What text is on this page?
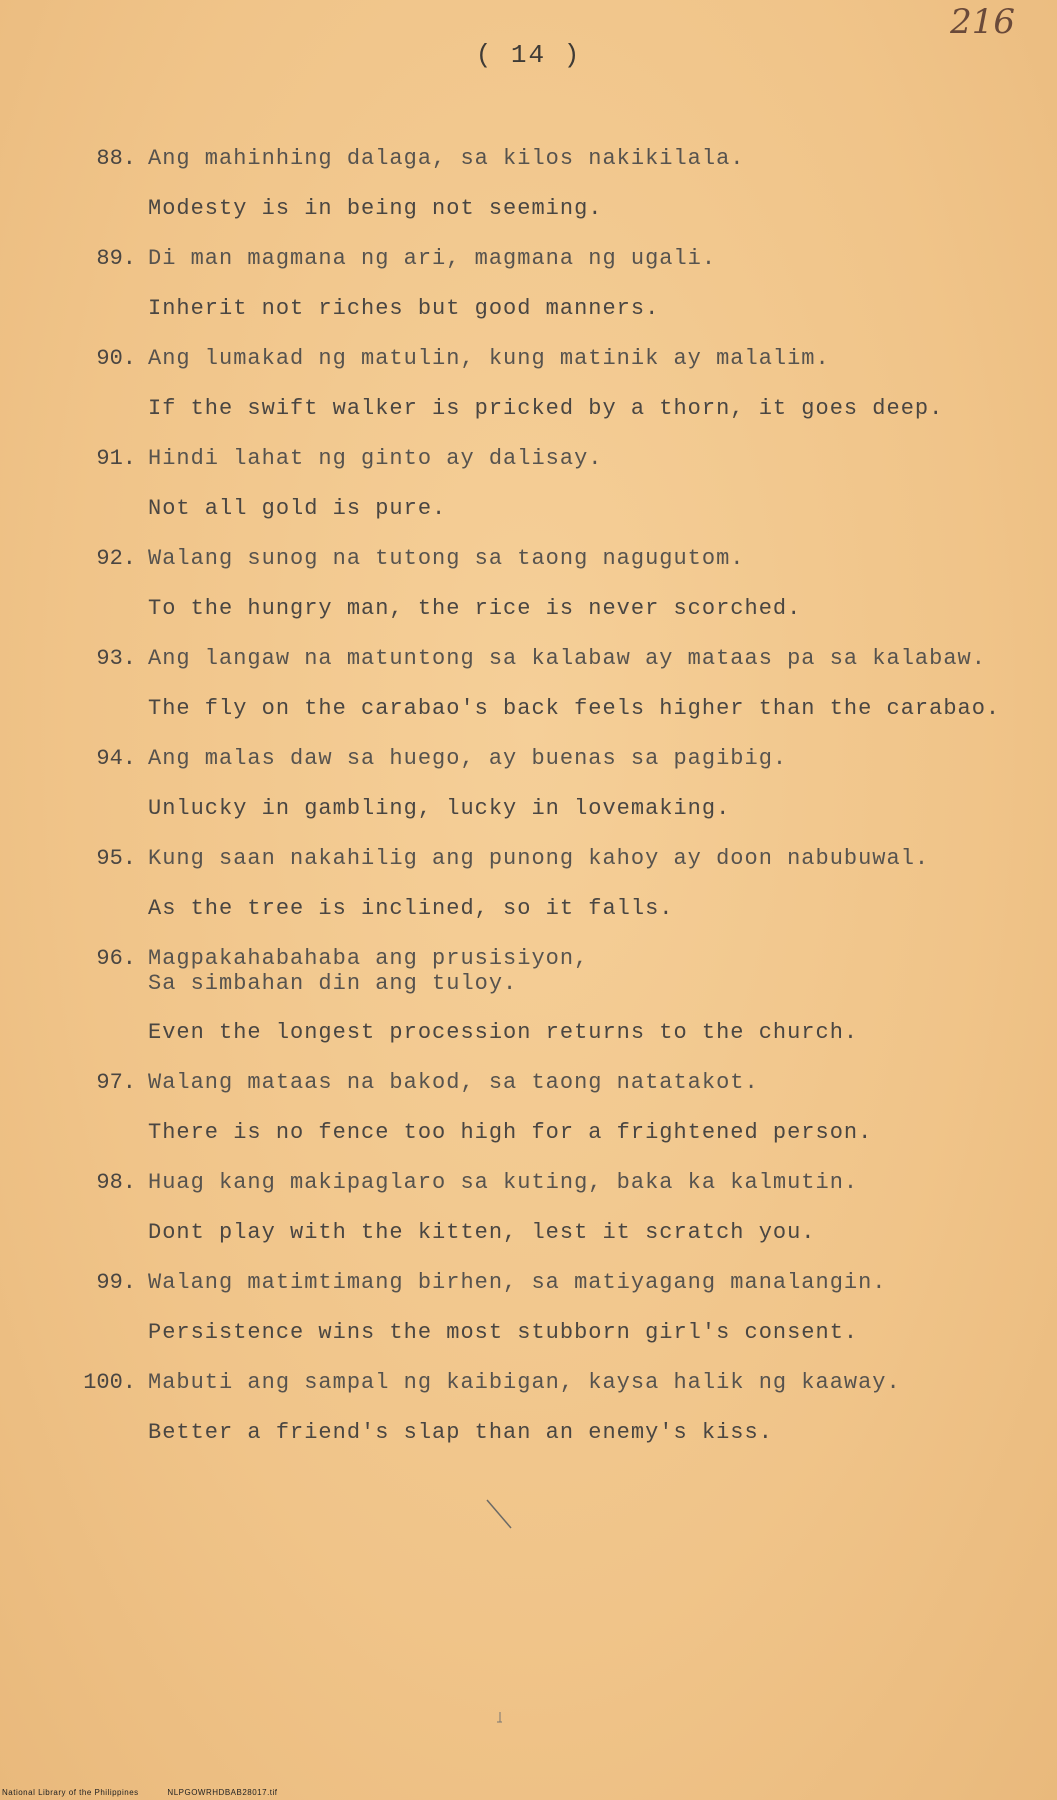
( 14 )
216
88. Ang mahinhing dalaga, sa kilos nakikilala.
Modesty is in being not seeming.
89. Di man magmana ng ari, magmana ng ugali.
Inherit not riches but good manners.
90. Ang lumakad ng matulin, kung matinik ay malalim.
If the swift walker is pricked by a thorn, it goes deep.
91. Hindi lahat ng ginto ay dalisay.
Not all gold is pure.
92. Walang sunog na tutong sa taong nagugutom.
To the hungry man, the rice is never scorched.
93. Ang langaw na matuntong sa kalabaw ay mataas pa sa kalabaw.
The fly on the carabao's back feels higher than the carabao.
94. Ang malas daw sa huego, ay buenas sa pagibig.
Unlucky in gambling, lucky in lovemaking.
95. Kung saan nakahilig ang punong kahoy ay doon nabubuwal.
As the tree is inclined, so it falls.
96. Magpakahabahaba ang prusisiyon,
Sa simbahan din ang tuloy.
Even the longest procession returns to the church.
97. Walang mataas na bakod, sa taong natatakot.
There is no fence too high for a frightened person.
98. Huag kang makipaglaro sa kuting, baka ka kalmutin.
Dont play with the kitten, lest it scratch you.
99. Walang matimtimang birhen, sa matiyagang manalangin.
Persistence wins the most stubborn girl's consent.
100. Mabuti ang sampal ng kaibigan, kaysa halik ng kaaway.
Better a friend's slap than an enemy's kiss.
National Library of the Philippines	NLPGOWRHDBAB28017.tif
